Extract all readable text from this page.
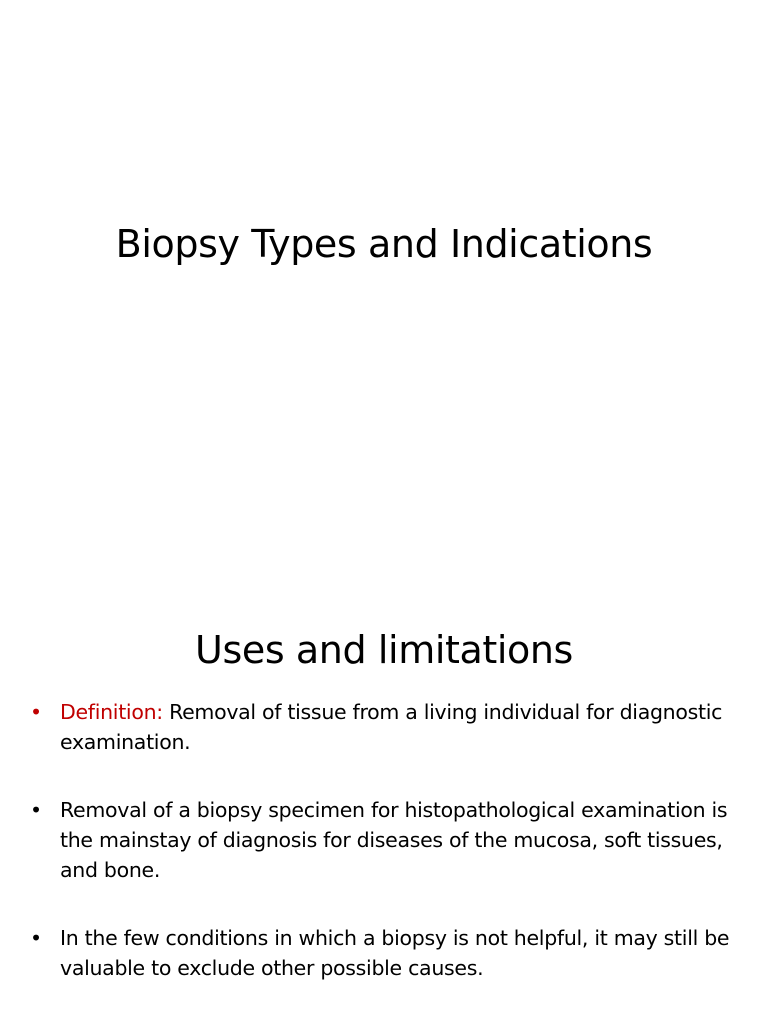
Biopsy Types and Indications
Uses and limitations
• Definition: Removal of tissue from a living individual for diagnostic examination.
• Removal of a biopsy specimen for histopathological examination is the mainstay of diagnosis for diseases of the mucosa, soft tissues, and bone.
• In the few conditions in which a biopsy is not helpful, it may still be valuable to exclude other possible causes.
